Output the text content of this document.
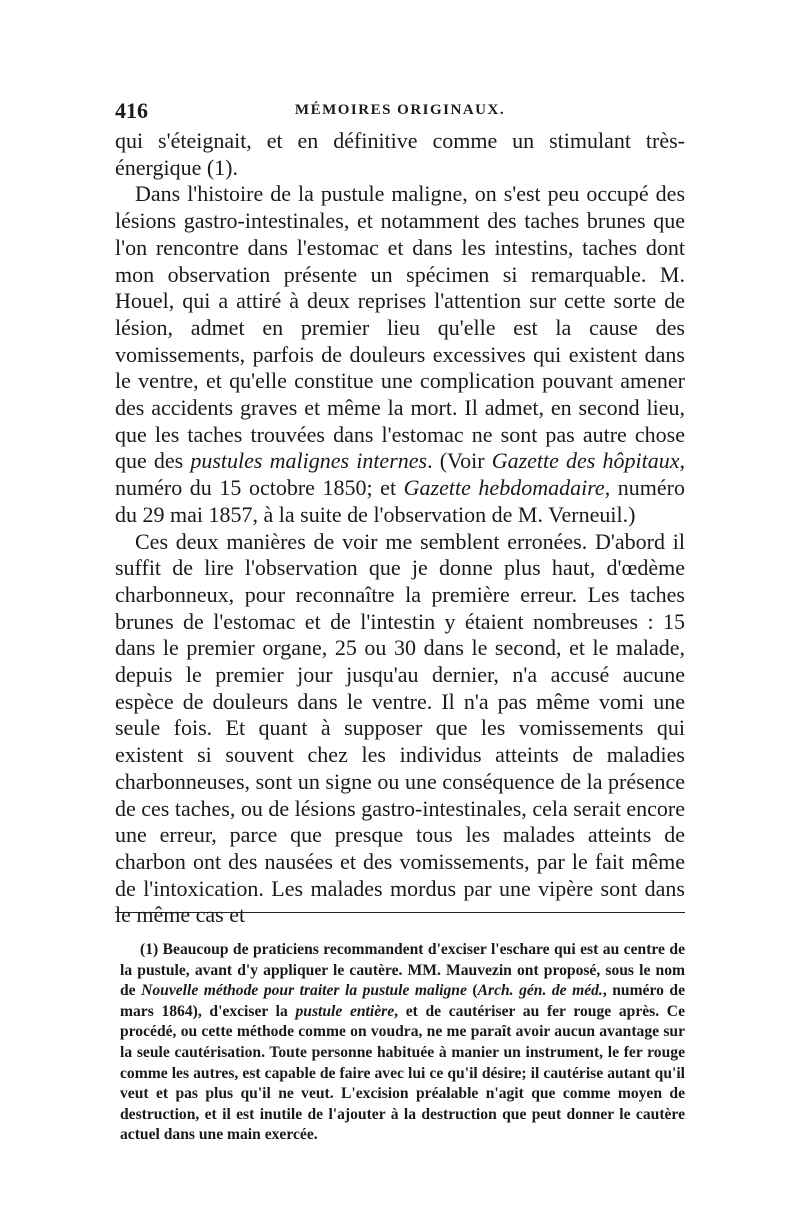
416	MÉMOIRES ORIGINAUX.

qui s'éteignait, et en définitive comme un stimulant très-énergique (1).

Dans l'histoire de la pustule maligne, on s'est peu occupé des lésions gastro-intestinales, et notamment des taches brunes que l'on rencontre dans l'estomac et dans les intestins, taches dont mon observation présente un spécimen si remarquable. M. Houel, qui a attiré à deux reprises l'attention sur cette sorte de lésion, admet en premier lieu qu'elle est la cause des vomissements, parfois de douleurs excessives qui existent dans le ventre, et qu'elle constitue une complication pouvant amener des accidents graves et même la mort. Il admet, en second lieu, que les taches trouvées dans l'estomac ne sont pas autre chose que des pustules malignes internes. (Voir Gazette des hôpitaux, numéro du 15 octobre 1850; et Gazette hebdomadaire, numéro du 29 mai 1857, à la suite de l'observation de M. Verneuil.)

Ces deux manières de voir me semblent erronées. D'abord il suffit de lire l'observation que je donne plus haut, d'œdème charbonneux, pour reconnaître la première erreur. Les taches brunes de l'estomac et de l'intestin y étaient nombreuses : 15 dans le premier organe, 25 ou 30 dans le second, et le malade, depuis le premier jour jusqu'au dernier, n'a accusé aucune espèce de douleurs dans le ventre. Il n'a pas même vomi une seule fois. Et quant à supposer que les vomissements qui existent si souvent chez les individus atteints de maladies charbonneuses, sont un signe ou une conséquence de la présence de ces taches, ou de lésions gastro-intestinales, cela serait encore une erreur, parce que presque tous les malades atteints de charbon ont des nausées et des vomissements, par le fait même de l'intoxication. Les malades mordus par une vipère sont dans le même cas et

(1) Beaucoup de praticiens recommandent d'exciser l'eschare qui est au centre de la pustule, avant d'y appliquer le cautère. MM. Mauvezin ont proposé, sous le nom de Nouvelle méthode pour traiter la pustule maligne (Arch. gén. de méd., numéro de mars 1864), d'exciser la pustule entière, et de cautériser au fer rouge après. Ce procédé, ou cette méthode comme on voudra, ne me paraît avoir aucun avantage sur la seule cautérisation. Toute personne habituée à manier un instrument, le fer rouge comme les autres, est capable de faire avec lui ce qu'il désire; il cautérise autant qu'il veut et pas plus qu'il ne veut. L'excision préalable n'agit que comme moyen de destruction, et il est inutile de l'ajouter à la destruction que peut donner le cautère actuel dans une main exercée.
